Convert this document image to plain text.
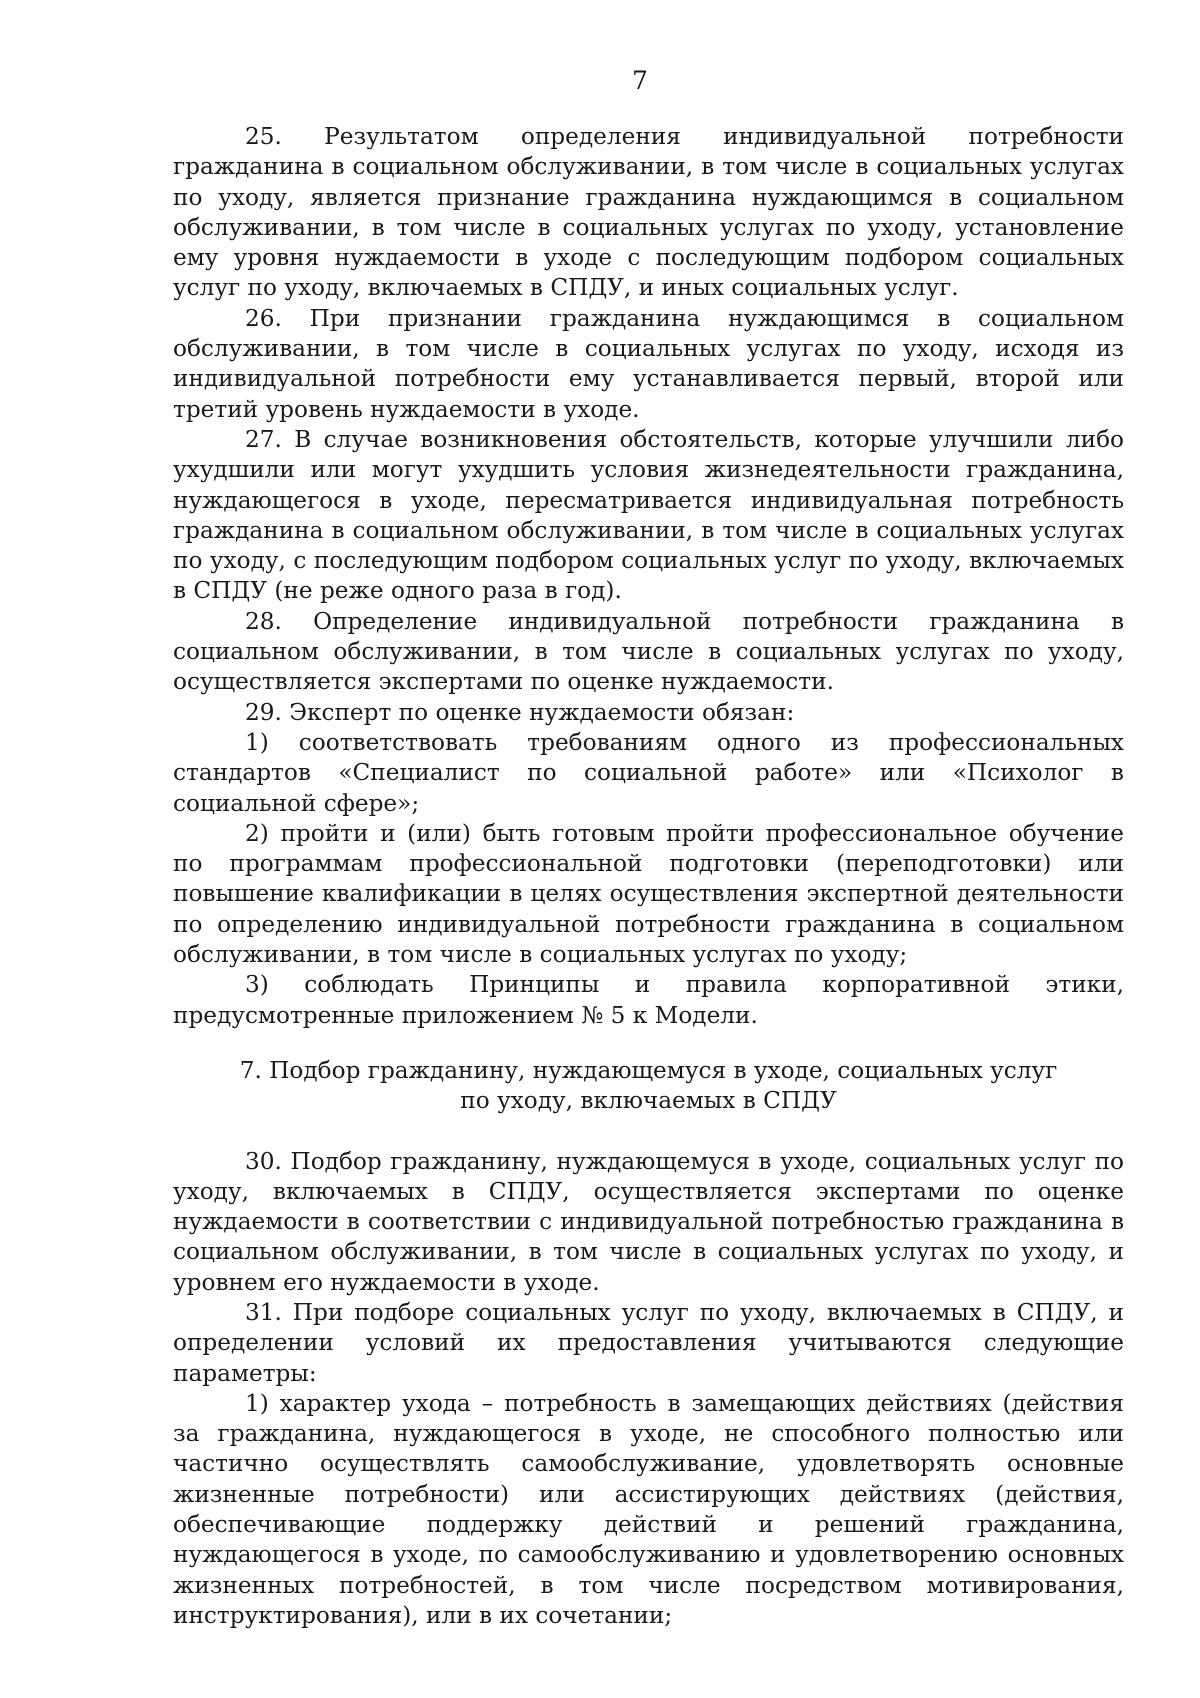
7

25. Результатом определения индивидуальной потребности гражданина в социальном обслуживании, в том числе в социальных услугах по уходу, является признание гражданина нуждающимся в социальном обслуживании, в том числе в социальных услугах по уходу, установление ему уровня нуждаемости в уходе с последующим подбором социальных услуг по уходу, включаемых в СПДУ, и иных социальных услуг.

26. При признании гражданина нуждающимся в социальном обслуживании, в том числе в социальных услугах по уходу, исходя из индивидуальной потребности ему устанавливается первый, второй или третий уровень нуждаемости в уходе.

27. В случае возникновения обстоятельств, которые улучшили либо ухудшили или могут ухудшить условия жизнедеятельности гражданина, нуждающегося в уходе, пересматривается индивидуальная потребность гражданина в социальном обслуживании, в том числе в социальных услугах по уходу, с последующим подбором социальных услуг по уходу, включаемых в СПДУ (не реже одного раза в год).

28. Определение индивидуальной потребности гражданина в социальном обслуживании, в том числе в социальных услугах по уходу, осуществляется экспертами по оценке нуждаемости.

29. Эксперт по оценке нуждаемости обязан:

1) соответствовать требованиям одного из профессиональных стандартов «Специалист по социальной работе» или «Психолог в социальной сфере»;

2) пройти и (или) быть готовым пройти профессиональное обучение по программам профессиональной подготовки (переподготовки) или повышение квалификации в целях осуществления экспертной деятельности по определению индивидуальной потребности гражданина в социальном обслуживании, в том числе в социальных услугах по уходу;

3) соблюдать Принципы и правила корпоративной этики, предусмотренные приложением № 5 к Модели.

7. Подбор гражданину, нуждающемуся в уходе, социальных услуг
по уходу, включаемых в СПДУ

30. Подбор гражданину, нуждающемуся в уходе, социальных услуг по уходу, включаемых в СПДУ, осуществляется экспертами по оценке нуждаемости в соответствии с индивидуальной потребностью гражданина в социальном обслуживании, в том числе в социальных услугах по уходу, и уровнем его нуждаемости в уходе.

31. При подборе социальных услуг по уходу, включаемых в СПДУ, и определении условий их предоставления учитываются следующие параметры:

1) характер ухода – потребность в замещающих действиях (действия за гражданина, нуждающегося в уходе, не способного полностью или частично осуществлять самообслуживание, удовлетворять основные жизненные потребности) или ассистирующих действиях (действия, обеспечивающие поддержку действий и решений гражданина, нуждающегося в уходе, по самообслуживанию и удовлетворению основных жизненных потребностей, в том числе посредством мотивирования, инструктирования), или в их сочетании;
